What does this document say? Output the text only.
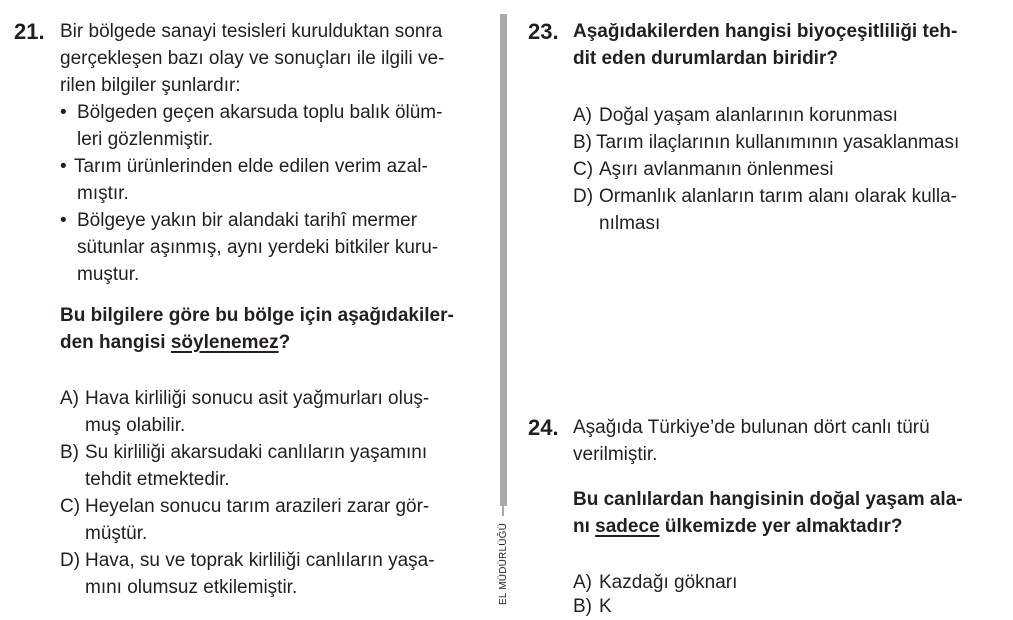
21. Bir bölgede sanayi tesisleri kurulduktan sonra
gerçekleşen bazı olay ve sonuçları ile ilgili ve-
rilen bilgiler şunlardır:
• Bölgeden geçen akarsuda toplu balık ölüm-
leri gözlenmiştir.
• Tarım ürünlerinden elde edilen verim azal-
mıştır.
• Bölgeye yakın bir alandaki tarihî mermer
sütunlar aşınmış, aynı yerdeki bitkiler kuru-
muştur.
Bu bilgilere göre bu bölge için aşağıdakiler-
den hangisi söylenemez?
A) Hava kirliliği sonucu asit yağmurları oluş-
muş olabilir.
B) Su kirliliği akarsudaki canlıların yaşamını
tehdit etmektedir.
C) Heyelan sonucu tarım arazileri zarar gör-
müştür.
D) Hava, su ve toprak kirliliği canlıların yaşa-
mını olumsuz etkilemiştir.	EL MÜDÜRLÜĞÜ
23. Aşağıdakilerden hangisi biyoçeşitliliği teh-
dit eden durumlardan biridir?
A) Doğal yaşam alanlarının korunması
B) Tarım ilaçlarının kullanımının yasaklanması
C) Aşırı avlanmanın önlenmesi
D) Ormanlık alanların tarım alanı olarak kulla-
nılması
24. Aşağıda Türkiye’de bulunan dört canlı türü
verilmiştir.
Bu canlılardan hangisinin doğal yaşam ala-
nı sadece ülkemizde yer almaktadır?
A) Kazdağı göknarı
B) K
